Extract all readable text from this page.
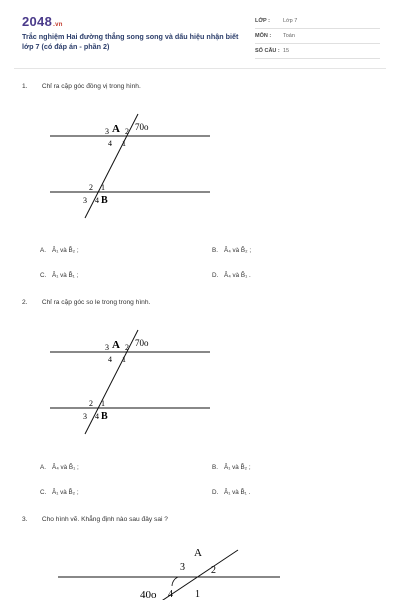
2048.vn
Trắc nghiệm Hai đường thẳng song song và dấu hiệu nhận biết lớp 7 (có đáp án - phần 2)
LỚP :	Lớp 7
MÔN :	Toán
SỐ CÂU : 15
1. Chỉ ra cặp góc đồng vị trong hình.
3 A 2 70o
4 1
2 1
3 4 B
A. Â₁ và B̂₂ ;	B. Â₄ và B̂₂ ;
C. Â₁ và B̂₁ ;	D. Â₄ và B̂₁ .
2. Chỉ ra cặp góc so le trong trong hình.
3 A 2 70o
4 1
2 1
3 4 B
A. Â₄ và B̂₁ ;	B. Â₁ và B̂₂ ;
C. Â₁ và B̂₂ ;	D. Â₁ và B̂₁ .
3. Cho hình vẽ. Khẳng định nào sau đây sai ?
A
3	2
40o 4 1
